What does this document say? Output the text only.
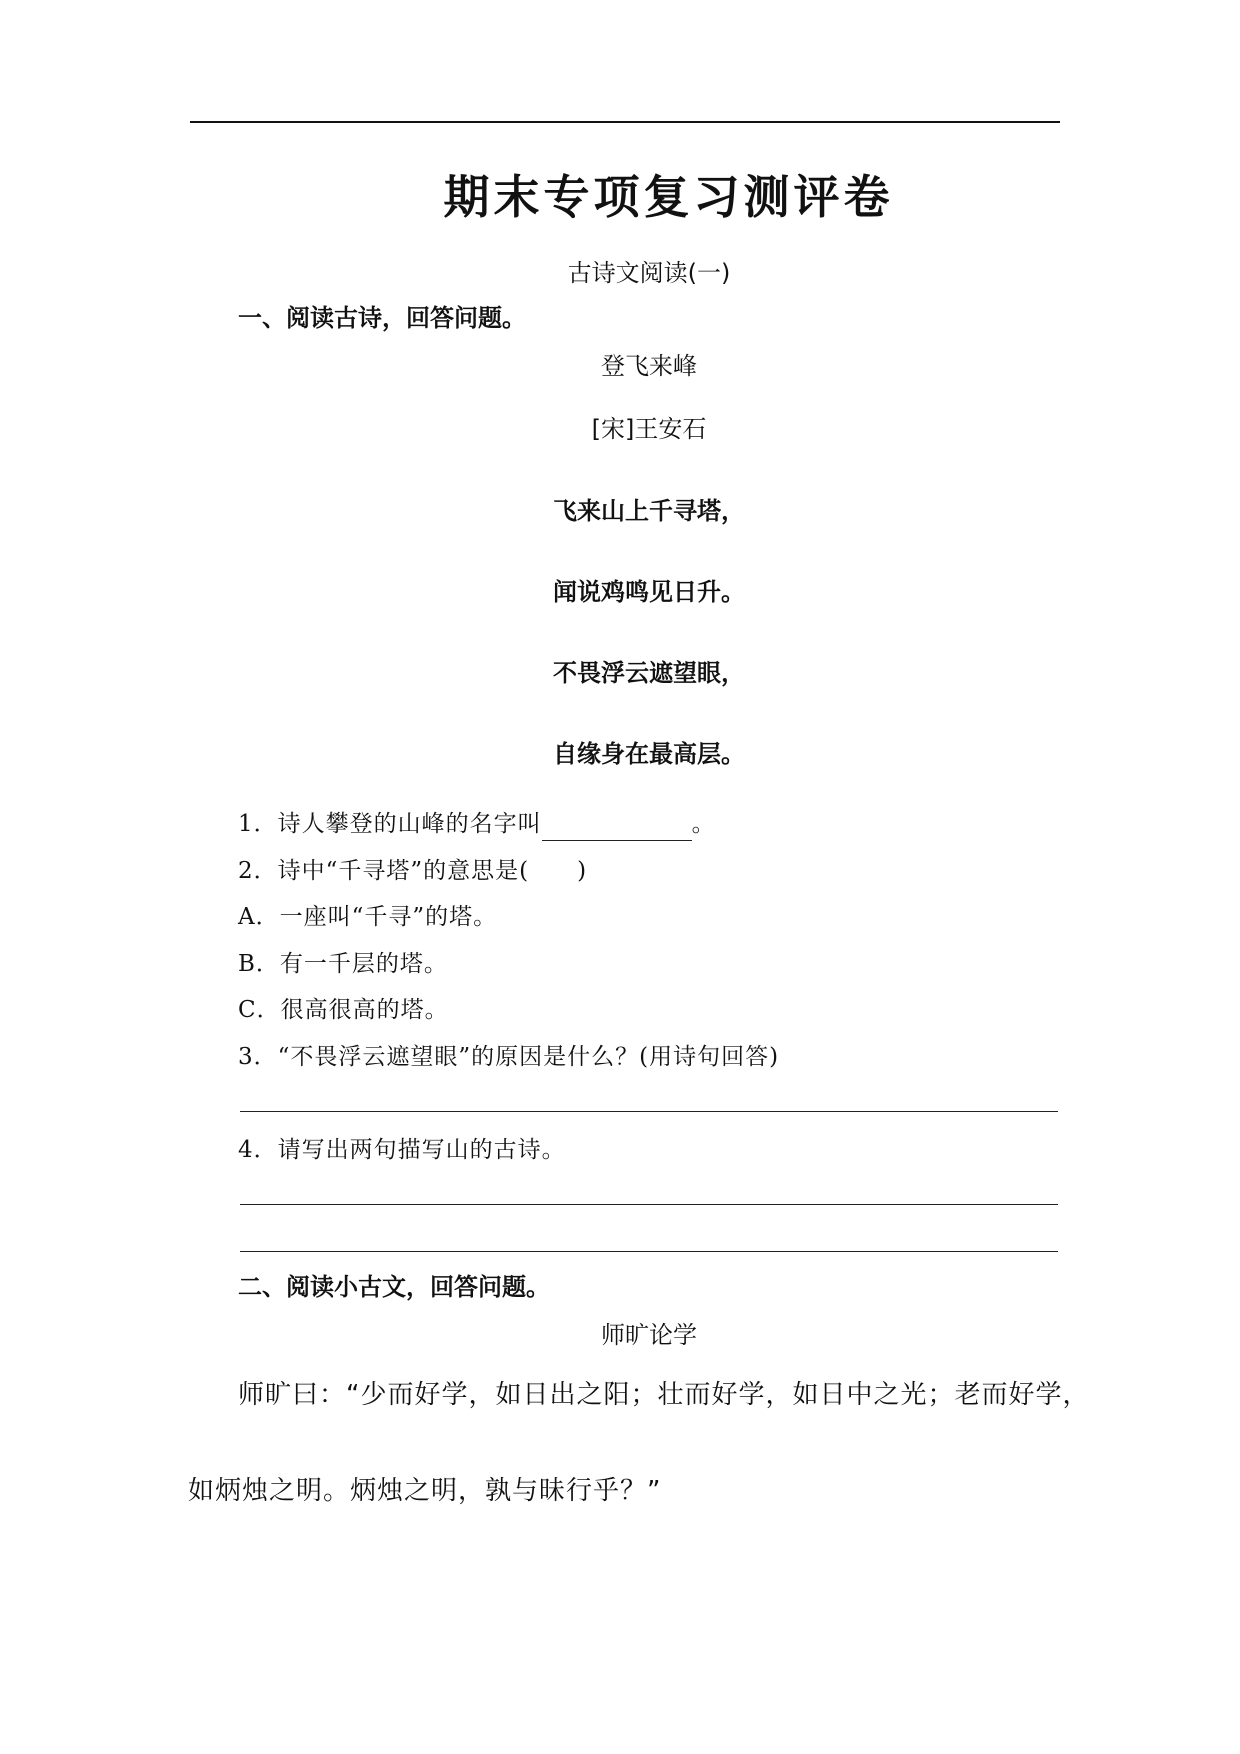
期末专项复习测评卷
古诗文阅读(一)
一、阅读古诗，回答问题。
登飞来峰
[宋]王安石
飞来山上千寻塔，
闻说鸡鸣见日升。
不畏浮云遮望眼，
自缘身在最高层。
1．诗人攀登的山峰的名字叫	。
2．诗中“千寻塔”的意思是(　　)
A．一座叫“千寻”的塔。
B．有一千层的塔。
C．很高很高的塔。
3．“不畏浮云遮望眼”的原因是什么？(用诗句回答)
4．请写出两句描写山的古诗。
二、阅读小古文，回答问题。
师旷论学
师旷曰：“少而好学，如日出之阳；壮而好学，如日中之光；老而好学，
如炳烛之明。炳烛之明，孰与昧行乎？”
